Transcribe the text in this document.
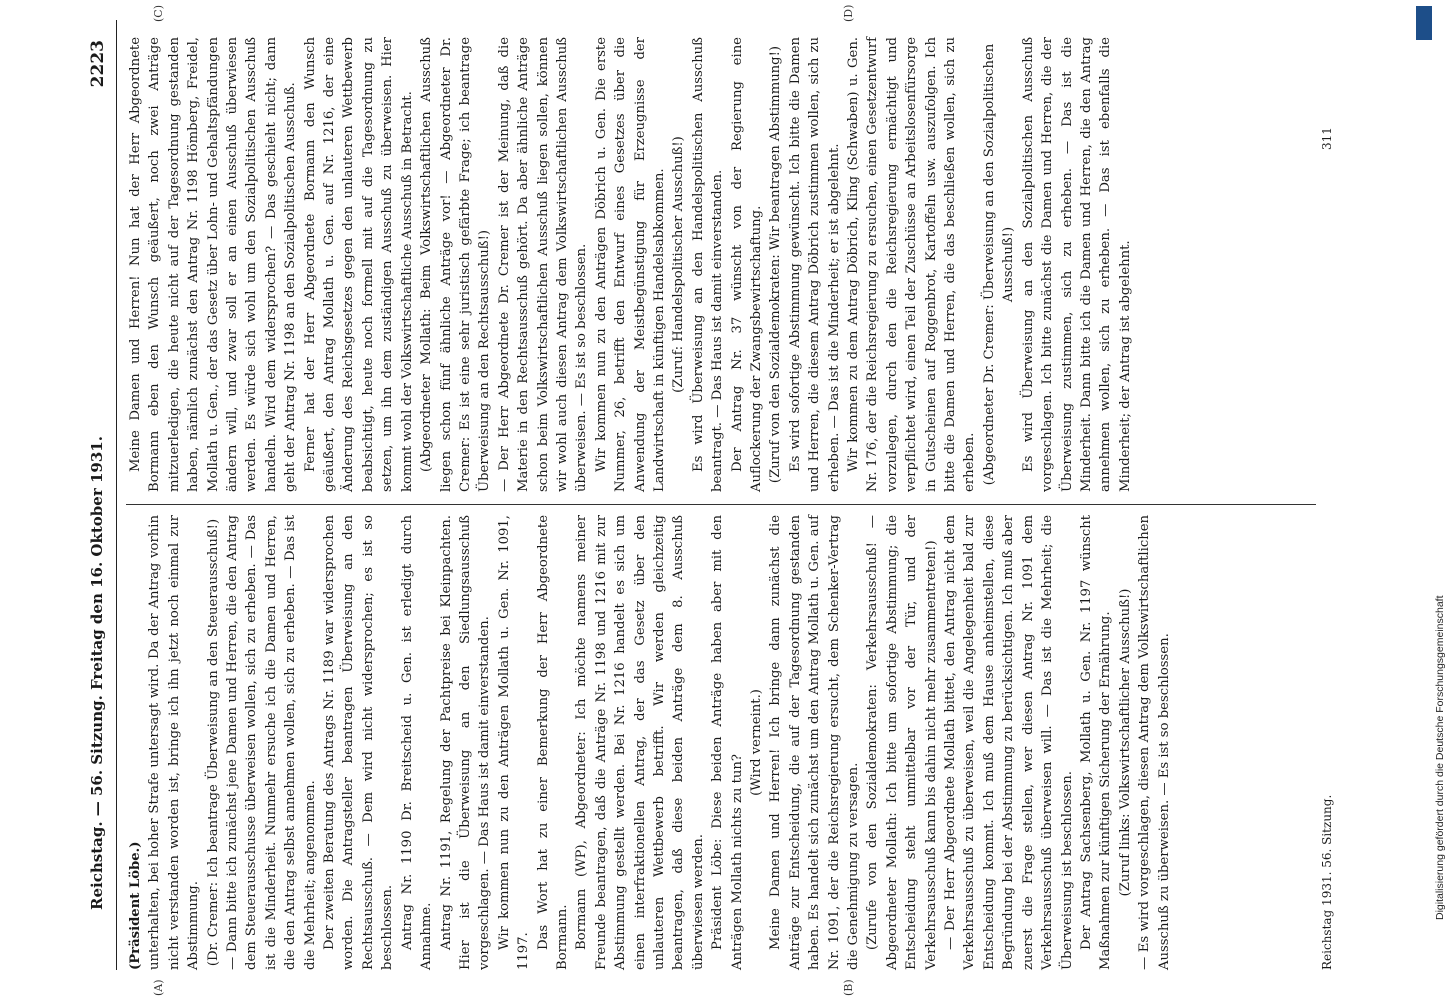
Reichstag. — 56. Sitzung. Freitag den 16. Oktober 1931.
2223
(A)	(B)
(C)	(D)

(Präsident Löbe.) unterhalten, bei hoher Strafe untersagt wird. Da der Antrag vorhin nicht verstanden worden ist, bringe ich ihn jetzt noch einmal zur Abstimmung. (Dr. Cremer: Ich beantrage Überweisung an den Steuerausschuß!) — Dann bitte ich zunächst jene Damen und Herren, die den Antrag dem Steuerausschusse überweisen wollen, sich zu erheben. — Das ist die Minderheit. Nunmehr ersuche ich die Damen und Herren, die den Antrag selbst annehmen wollen, sich zu erheben. — Das ist die Mehrheit; angenommen. Der zweiten Beratung des Antrags Nr. 1189 war widersprochen worden. Die Antragsteller beantragen Überweisung an den Rechtsausschuß. — Dem wird nicht widersprochen; es ist so beschlossen. Antrag Nr. 1190 Dr. Breitscheid u. Gen. ist erledigt durch Annahme. Antrag Nr. 1191, Regelung der Pachtpreise bei Kleinpachten. Hier ist die Überweisung an den Siedlungsausschuß vorgeschlagen. — Das Haus ist damit einverstanden. Wir kommen nun zu den Anträgen Mollath u. Gen. Nr. 1091, 1197.

Das Wort hat zu einer Bemerkung der Herr Abgeordnete Bormann. Bormann (WP), Abgeordneter: Ich möchte namens meiner Freunde beantragen, daß die Anträge Nr. 1198 und 1216 mit zur Abstimmung gestellt werden. Bei Nr. 1216 handelt es sich um einen interfraktionellen Antrag, der das Gesetz über den unlauteren Wettbewerb betrifft. Wir werden gleichzeitig beantragen, daß diese beiden Anträge dem 8. Ausschuß überwiesen werden. Präsident Löbe: Diese beiden Anträge haben aber mit den Anträgen Mollath nichts zu tun?

(Wird verneint.) Meine Damen und Herren! Ich bringe dann zunächst die Anträge zur Entscheidung, die auf der Tagesordnung gestanden haben. Es handelt sich zunächst um den Antrag Mollath u. Gen. auf Nr. 1091, der die Reichsregierung ersucht, dem Schenker-Vertrag die Genehmigung zu versagen. (Zurufe von den Sozialdemokraten: Verkehrsausschuß! — Abgeordneter Mollath: Ich bitte um sofortige Abstimmung; die Entscheidung steht unmittelbar vor der Tür, und der Verkehrsausschuß kann bis dahin nicht mehr zusammentreten!) — Der Herr Abgeordnete Mollath bittet, den Antrag nicht dem Verkehrsausschuß zu überweisen, weil die Angelegenheit bald zur Entscheidung kommt. Ich muß dem Hause anheimstellen, diese Begründung bei der Abstimmung zu berücksichtigen. Ich muß aber zuerst die Frage stellen, wer diesen Antrag Nr. 1091 dem Verkehrsausschuß überweisen will. — Das ist die Mehrheit; die Überweisung ist beschlossen. Der Antrag Sachsenberg, Mollath u. Gen. Nr. 1197 wünscht Maßnahmen zur künftigen Sicherung der Ernährung. (Zuruf links: Volkswirtschaftlicher Ausschuß!) — Es wird vorgeschlagen, diesen Antrag dem Volkswirtschaftlichen Ausschuß zu überweisen. — Es ist so beschlossen.

Meine Damen und Herren! Nun hat der Herr Abgeordnete Bormann eben den Wunsch geäußert, noch zwei Anträge mitzuerledigen, die heute nicht auf der Tagesordnung gestanden haben, nämlich zunächst den Antrag Nr. 1198 Hömberg, Freidel, Mollath u. Gen., der das Gesetz über Lohn- und Gehaltspfändungen ändern will, und zwar soll er an einen Ausschuß überwiesen werden. Es würde sich wohl um den Sozialpolitischen Ausschuß handeln. Wird dem widersprochen? — Das geschieht nicht; dann geht der Antrag Nr. 1198 an den Sozialpolitischen Ausschuß. Ferner hat der Herr Abgeordnete Bormann den Wunsch geäußert, den Antrag Mollath u. Gen. auf Nr. 1216, der eine Änderung des Reichsgesetzes gegen den unlauteren Wettbewerb beabsichtigt, heute noch formell mit auf die Tagesordnung zu setzen, um ihn dem zuständigen Ausschuß zu überweisen. Hier kommt wohl der Volkswirtschaftliche Ausschuß in Betracht. (Abgeordneter Mollath: Beim Volkswirtschaftlichen Ausschuß liegen schon fünf ähnliche Anträge vor! — Abgeordneter Dr. Cremer: Es ist eine sehr juristisch gefärbte Frage; ich beantrage Überweisung an den Rechtsausschuß!) — Der Herr Abgeordnete Dr. Cremer ist der Meinung, daß die Materie in den Rechtsausschuß gehört. Da aber ähnliche Anträge schon beim Volkswirtschaftlichen Ausschuß liegen sollen, können wir wohl auch diesen Antrag dem Volkswirtschaftlichen Ausschuß überweisen. — Es ist so beschlossen. Wir kommen nun zu den Anträgen Döbrich u. Gen. Die erste Nummer, 26, betrifft den Entwurf eines Gesetzes über die Anwendung der Meistbegünstigung für Erzeugnisse der Landwirtschaft in künftigen Handelsabkommen. (Zuruf: Handelspolitischer Ausschuß!) Es wird Überweisung an den Handelspolitischen Ausschuß beantragt. — Das Haus ist damit einverstanden. Der Antrag Nr. 37 wünscht von der Regierung eine Auflockerung der Zwangsbewirtschaftung. (Zuruf von den Sozialdemokraten: Wir beantragen Abstimmung!) Es wird sofortige Abstimmung gewünscht. Ich bitte die Damen und Herren, die diesem Antrag Döbrich zustimmen wollen, sich zu erheben. — Das ist die Minderheit; er ist abgelehnt. Wir kommen zu dem Antrag Döbrich, Kling (Schwaben) u. Gen. Nr. 176, der die Reichsregierung zu ersuchen, einen Gesetzentwurf vorzulegen, durch den die Reichsregierung ermächtigt und verpflichtet wird, einen Teil der Zuschüsse an Arbeitslosenfürsorge in Gutscheinen auf Roggenbrot, Kartoffeln usw. auszufolgen. Ich bitte die Damen und Herren, die das beschließen wollen, sich zu erheben. (Abgeordneter Dr. Cremer: Überweisung an den Sozialpolitischen Ausschuß!) Es wird Überweisung an den Sozialpolitischen Ausschuß vorgeschlagen. Ich bitte zunächst die Damen und Herren, die der Überweisung zustimmen, sich zu erheben. — Das ist die Minderheit. Dann bitte ich die Damen und Herren, die den Antrag annehmen wollen, sich zu erheben. — Das ist ebenfalls die Minderheit; der Antrag ist abgelehnt.

Reichstag 1931. 56. Sitzung.
311
DFG
Digitalisierung gefördert durch die Deutsche Forschungsgemeinschaft
